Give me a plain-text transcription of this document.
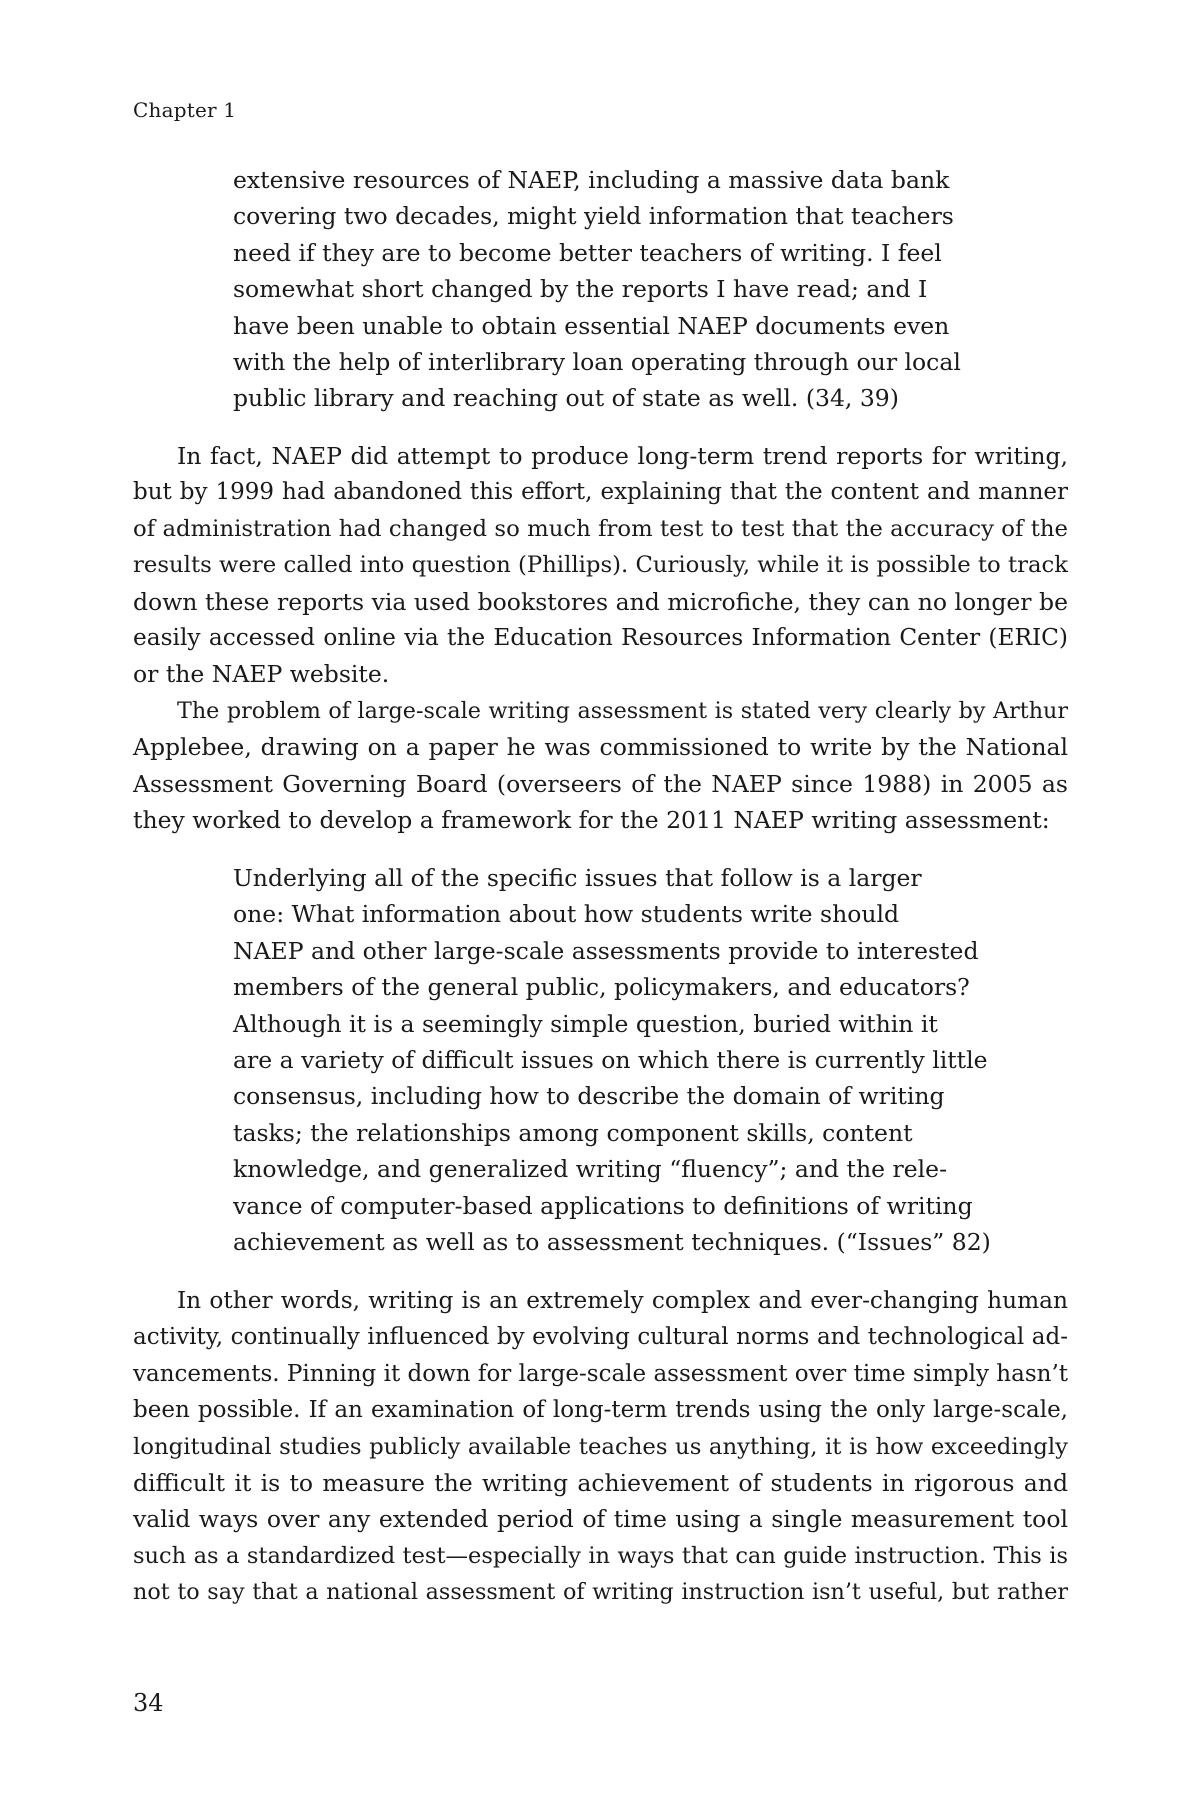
Chapter 1
extensive resources of NAEP, including a massive data bank
covering two decades, might yield information that teachers
need if they are to become better teachers of writing. I feel
somewhat short changed by the reports I have read; and I
have been unable to obtain essential NAEP documents even
with the help of interlibrary loan operating through our local
public library and reaching out of state as well. (34, 39)
In fact, NAEP did attempt to produce long-term trend reports for writing,
but by 1999 had abandoned this effort, explaining that the content and manner
of administration had changed so much from test to test that the accuracy of the
results were called into question (Phillips). Curiously, while it is possible to track
down these reports via used bookstores and microfiche, they can no longer be
easily accessed online via the Education Resources Information Center (ERIC)
or the NAEP website.
The problem of large-scale writing assessment is stated very clearly by Arthur
Applebee, drawing on a paper he was commissioned to write by the National
Assessment Governing Board (overseers of the NAEP since 1988) in 2005 as
they worked to develop a framework for the 2011 NAEP writing assessment:
Underlying all of the specific issues that follow is a larger
one: What information about how students write should
NAEP and other large-scale assessments provide to interested
members of the general public, policymakers, and educators?
Although it is a seemingly simple question, buried within it
are a variety of difficult issues on which there is currently little
consensus, including how to describe the domain of writing
tasks; the relationships among component skills, content
knowledge, and generalized writing “fluency”; and the rele-
vance of computer-based applications to definitions of writing
achievement as well as to assessment techniques. (“Issues” 82)
In other words, writing is an extremely complex and ever-changing human
activity, continually influenced by evolving cultural norms and technological ad-
vancements. Pinning it down for large-scale assessment over time simply hasn’t
been possible. If an examination of long-term trends using the only large-scale,
longitudinal studies publicly available teaches us anything, it is how exceedingly
difficult it is to measure the writing achievement of students in rigorous and
valid ways over any extended period of time using a single measurement tool
such as a standardized test—especially in ways that can guide instruction. This is
not to say that a national assessment of writing instruction isn’t useful, but rather
34
